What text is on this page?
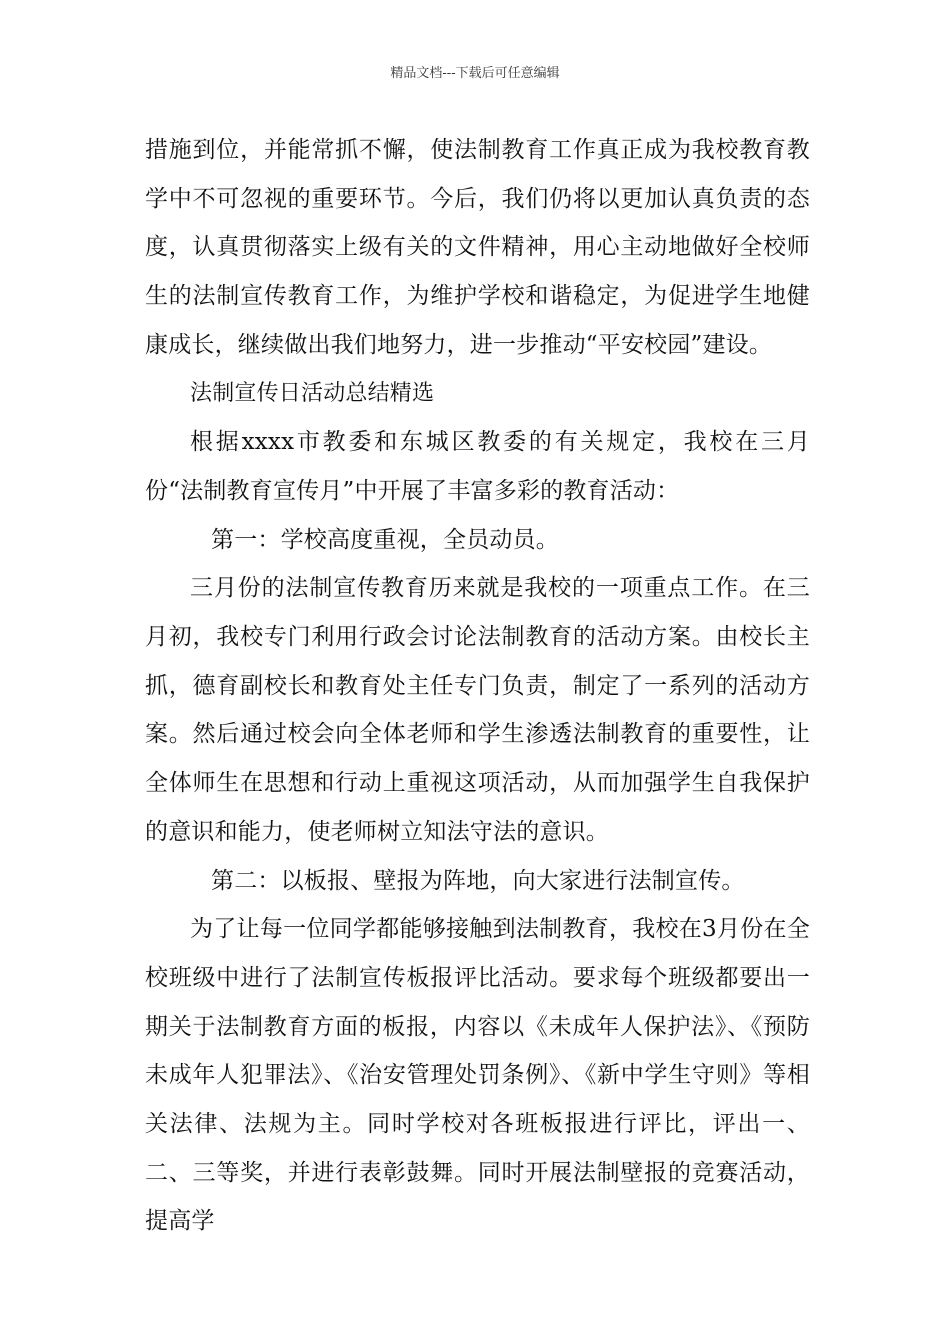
精品文档---下载后可任意编辑

措施到位，并能常抓不懈，使法制教育工作真正成为我校教育教学中不可忽视的重要环节。今后，我们仍将以更加认真负责的态度，认真贯彻落实上级有关的文件精神，用心主动地做好全校师生的法制宣传教育工作，为维护学校和谐稳定，为促进学生地健康成长，继续做出我们地努力，进一步推动“平安校园”建设。

法制宣传日活动总结精选

根据xxxx市教委和东城区教委的有关规定，我校在三月份“法制教育宣传月”中开展了丰富多彩的教育活动：

第一：学校高度重视，全员动员。

三月份的法制宣传教育历来就是我校的一项重点工作。在三月初，我校专门利用行政会讨论法制教育的活动方案。由校长主抓，德育副校长和教育处主任专门负责，制定了一系列的活动方案。然后通过校会向全体老师和学生渗透法制教育的重要性，让全体师生在思想和行动上重视这项活动，从而加强学生自我保护的意识和能力，使老师树立知法守法的意识。

第二：以板报、壁报为阵地，向大家进行法制宣传。

为了让每一位同学都能够接触到法制教育，我校在3月份在全校班级中进行了法制宣传板报评比活动。要求每个班级都要出一期关于法制教育方面的板报，内容以《未成年人保护法》、《预防未成年人犯罪法》、《治安管理处罚条例》、《新中学生守则》等相关法律、法规为主。同时学校对各班板报进行评比，评出一、二、三等奖，并进行表彰鼓舞。同时开展法制壁报的竞赛活动，提高学
